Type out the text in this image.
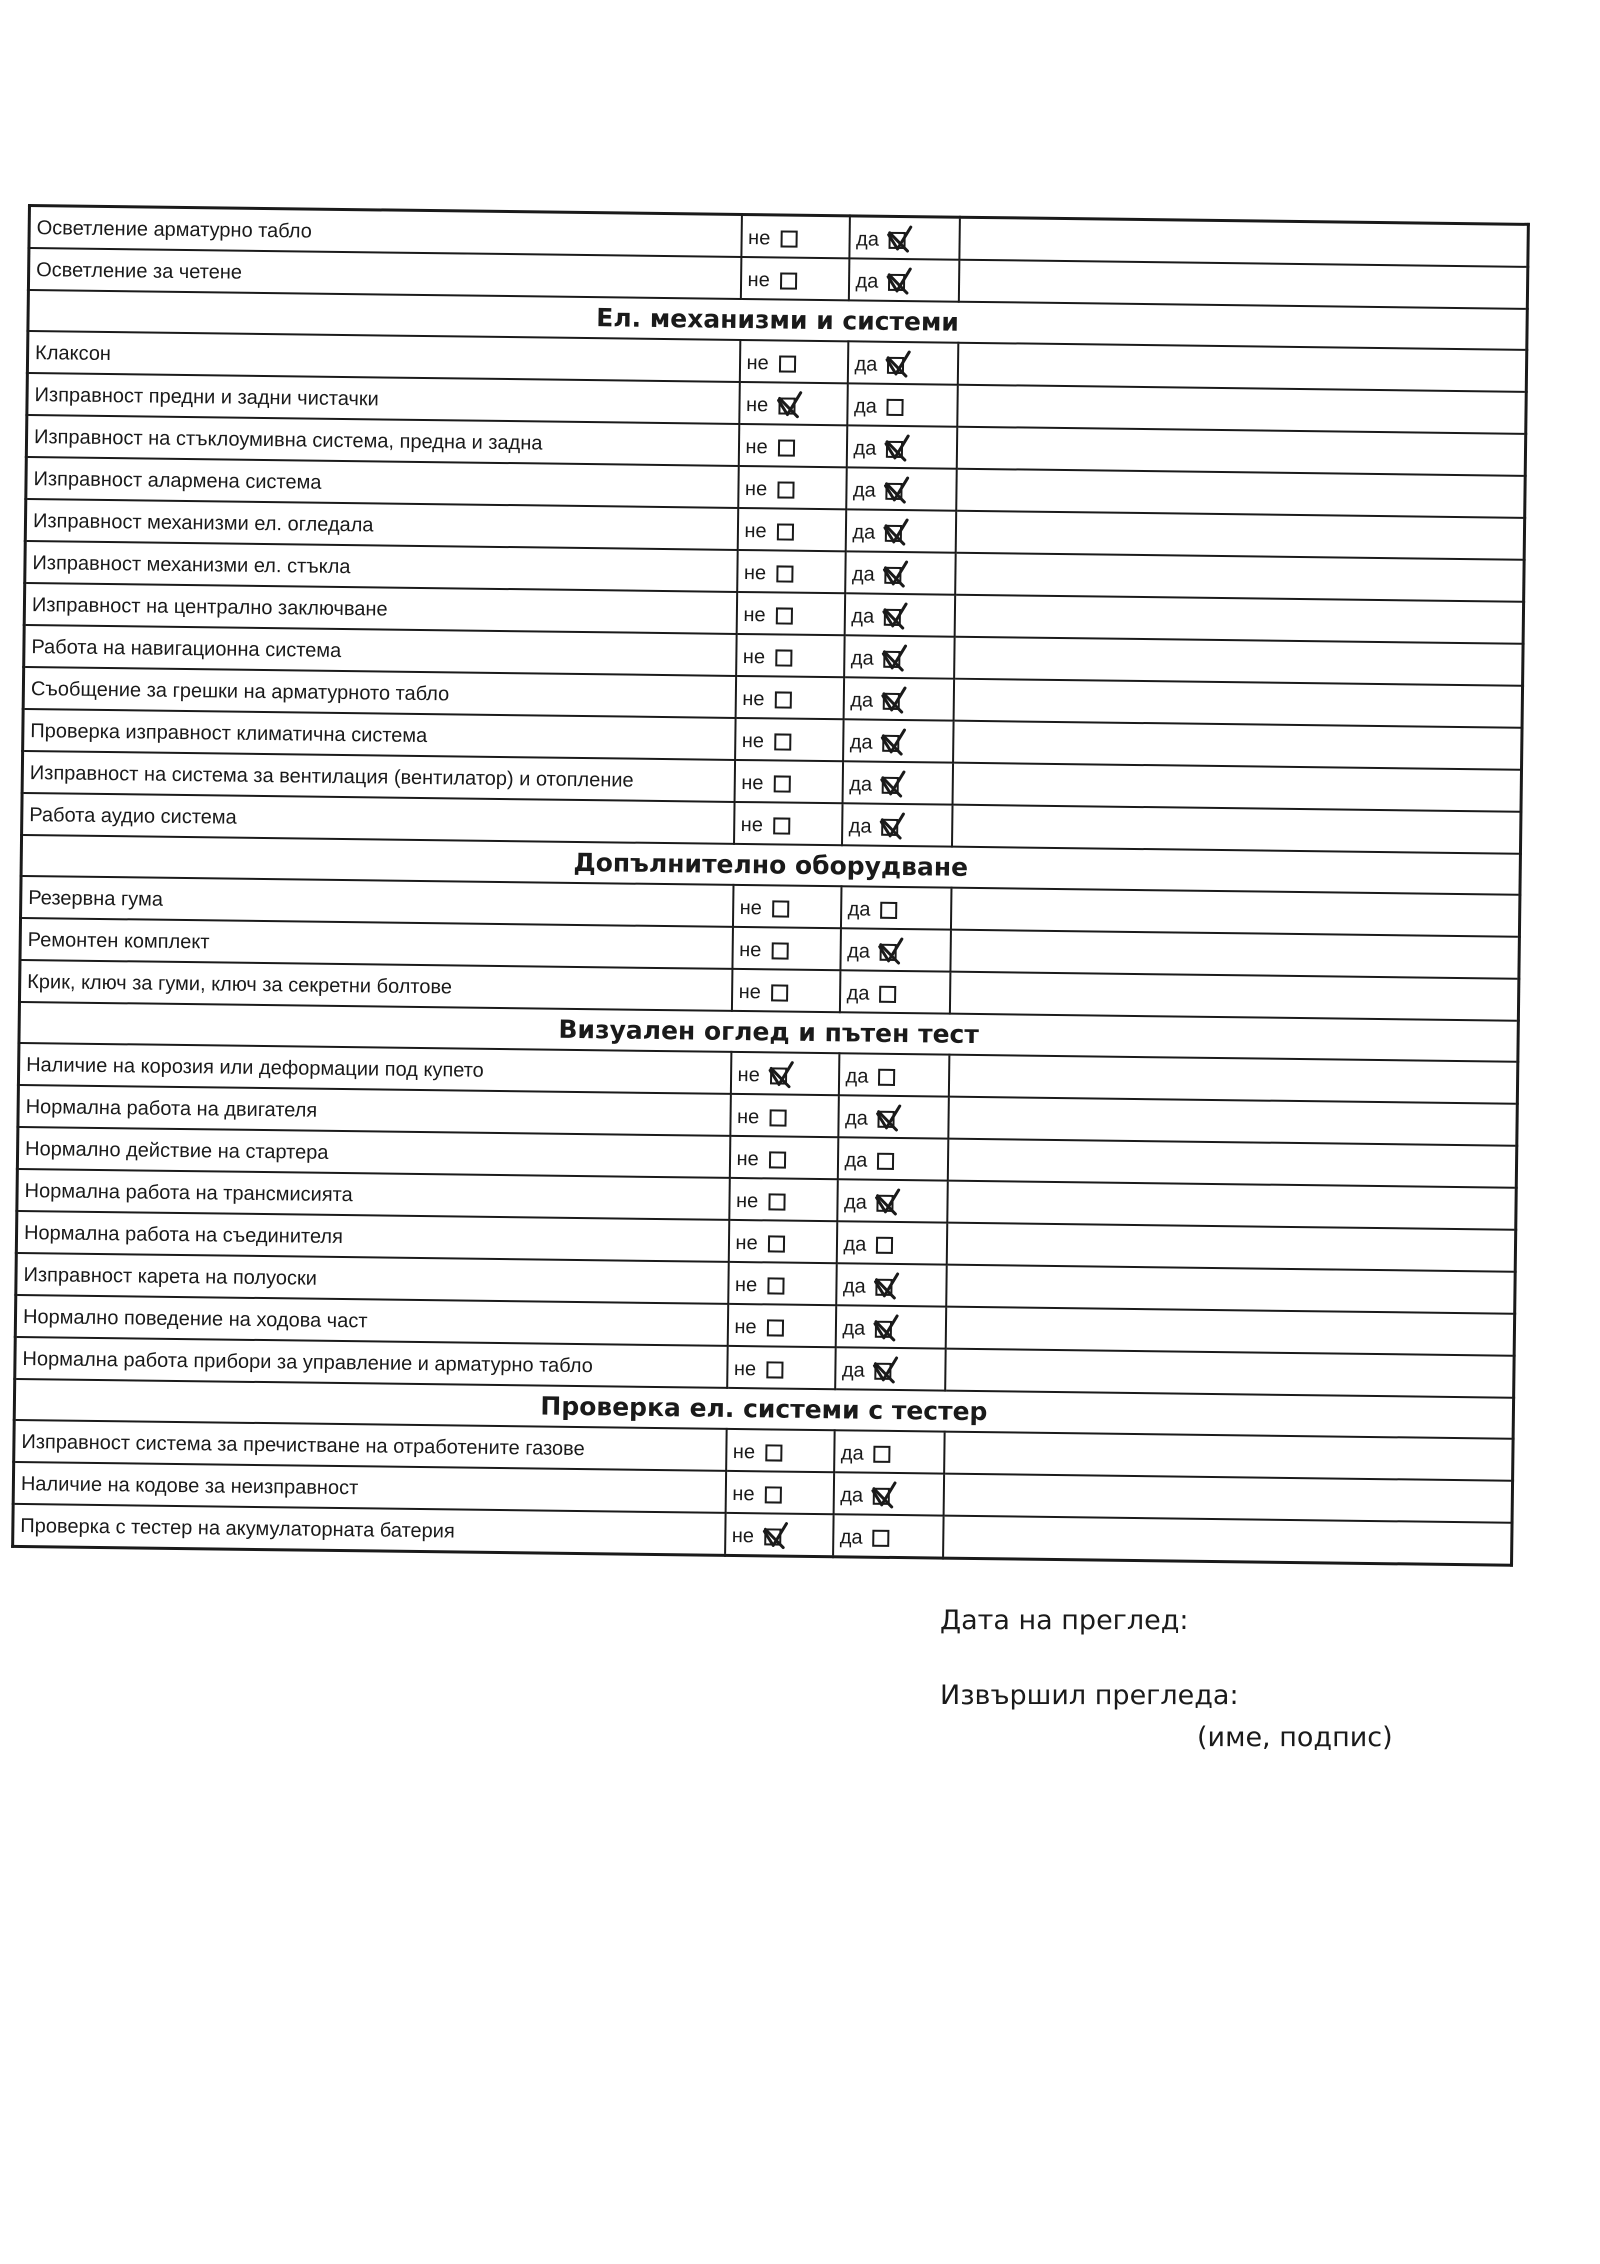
Осветление арматурно табло	не	да	

Осветление за четене	не	да	

Ел. механизми и системи			
Клаксон	не	да	

Изправност предни и задни чистачки	не	да	

Изправност на стъклоумивна система, предна и задна	не	да	

Изправност алармена система	не	да	

Изправност механизми ел. огледала	не	да	

Изправност механизми ел. стъкла	не	да	

Изправност на централно заключване	не	да	

Работа на навигационна система	не	да	

Съобщение за грешки на арматурното табло	не	да	

Проверка изправност климатична система	не	да	

Изправност на система за вентилация (вентилатор) и отопление	не	да	

Работа аудио система	не	да	

Допълнително оборудване			
Резервна гума	не	да	

Ремонтен комплект	не	да	

Крик, ключ за гуми, ключ за секретни болтове	не	да	

Визуален оглед и пътен тест			
Наличие на корозия или деформации под купето	не	да	

Нормална работа на двигателя	не	да	

Нормално действие на стартера	не	да	

Нормална работа на трансмисията	не	да	

Нормална работа на съединителя	не	да	

Изправност карета на полуоски	не	да	

Нормално поведение на ходова част	не	да	

Нормална работа прибори за управление и арматурно табло	не	да	

Проверка ел. системи с тестер			
Изправност система за пречистване на отработените газове	не	да	

Наличие на кодове за неизправност	не	да	

Проверка с тестер на акумулаторната батерия	не	да	

Дата на преглед:
Извършил прегледа:
(име, подпис)
